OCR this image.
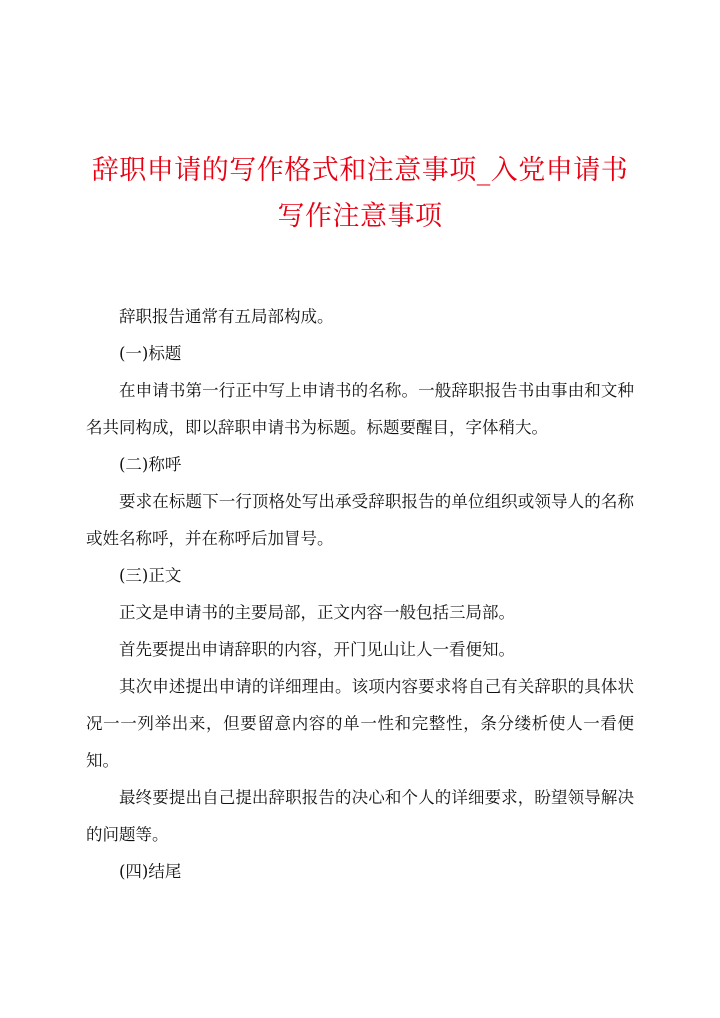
辞职申请的写作格式和注意事项_入党申请书
写作注意事项

辞职报告通常有五局部构成。

(一)标题

在申请书第一行正中写上申请书的名称。一般辞职报告书由事由和文种名共同构成，即以辞职申请书为标题。标题要醒目，字体稍大。

(二)称呼

要求在标题下一行顶格处写出承受辞职报告的单位组织或领导人的名称或姓名称呼，并在称呼后加冒号。

(三)正文

正文是申请书的主要局部，正文内容一般包括三局部。

首先要提出申请辞职的内容，开门见山让人一看便知。

其次申述提出申请的详细理由。该项内容要求将自己有关辞职的具体状况一一列举出来，但要留意内容的单一性和完整性，条分缕析使人一看便知。

最终要提出自己提出辞职报告的决心和个人的详细要求，盼望领导解决的问题等。

(四)结尾
